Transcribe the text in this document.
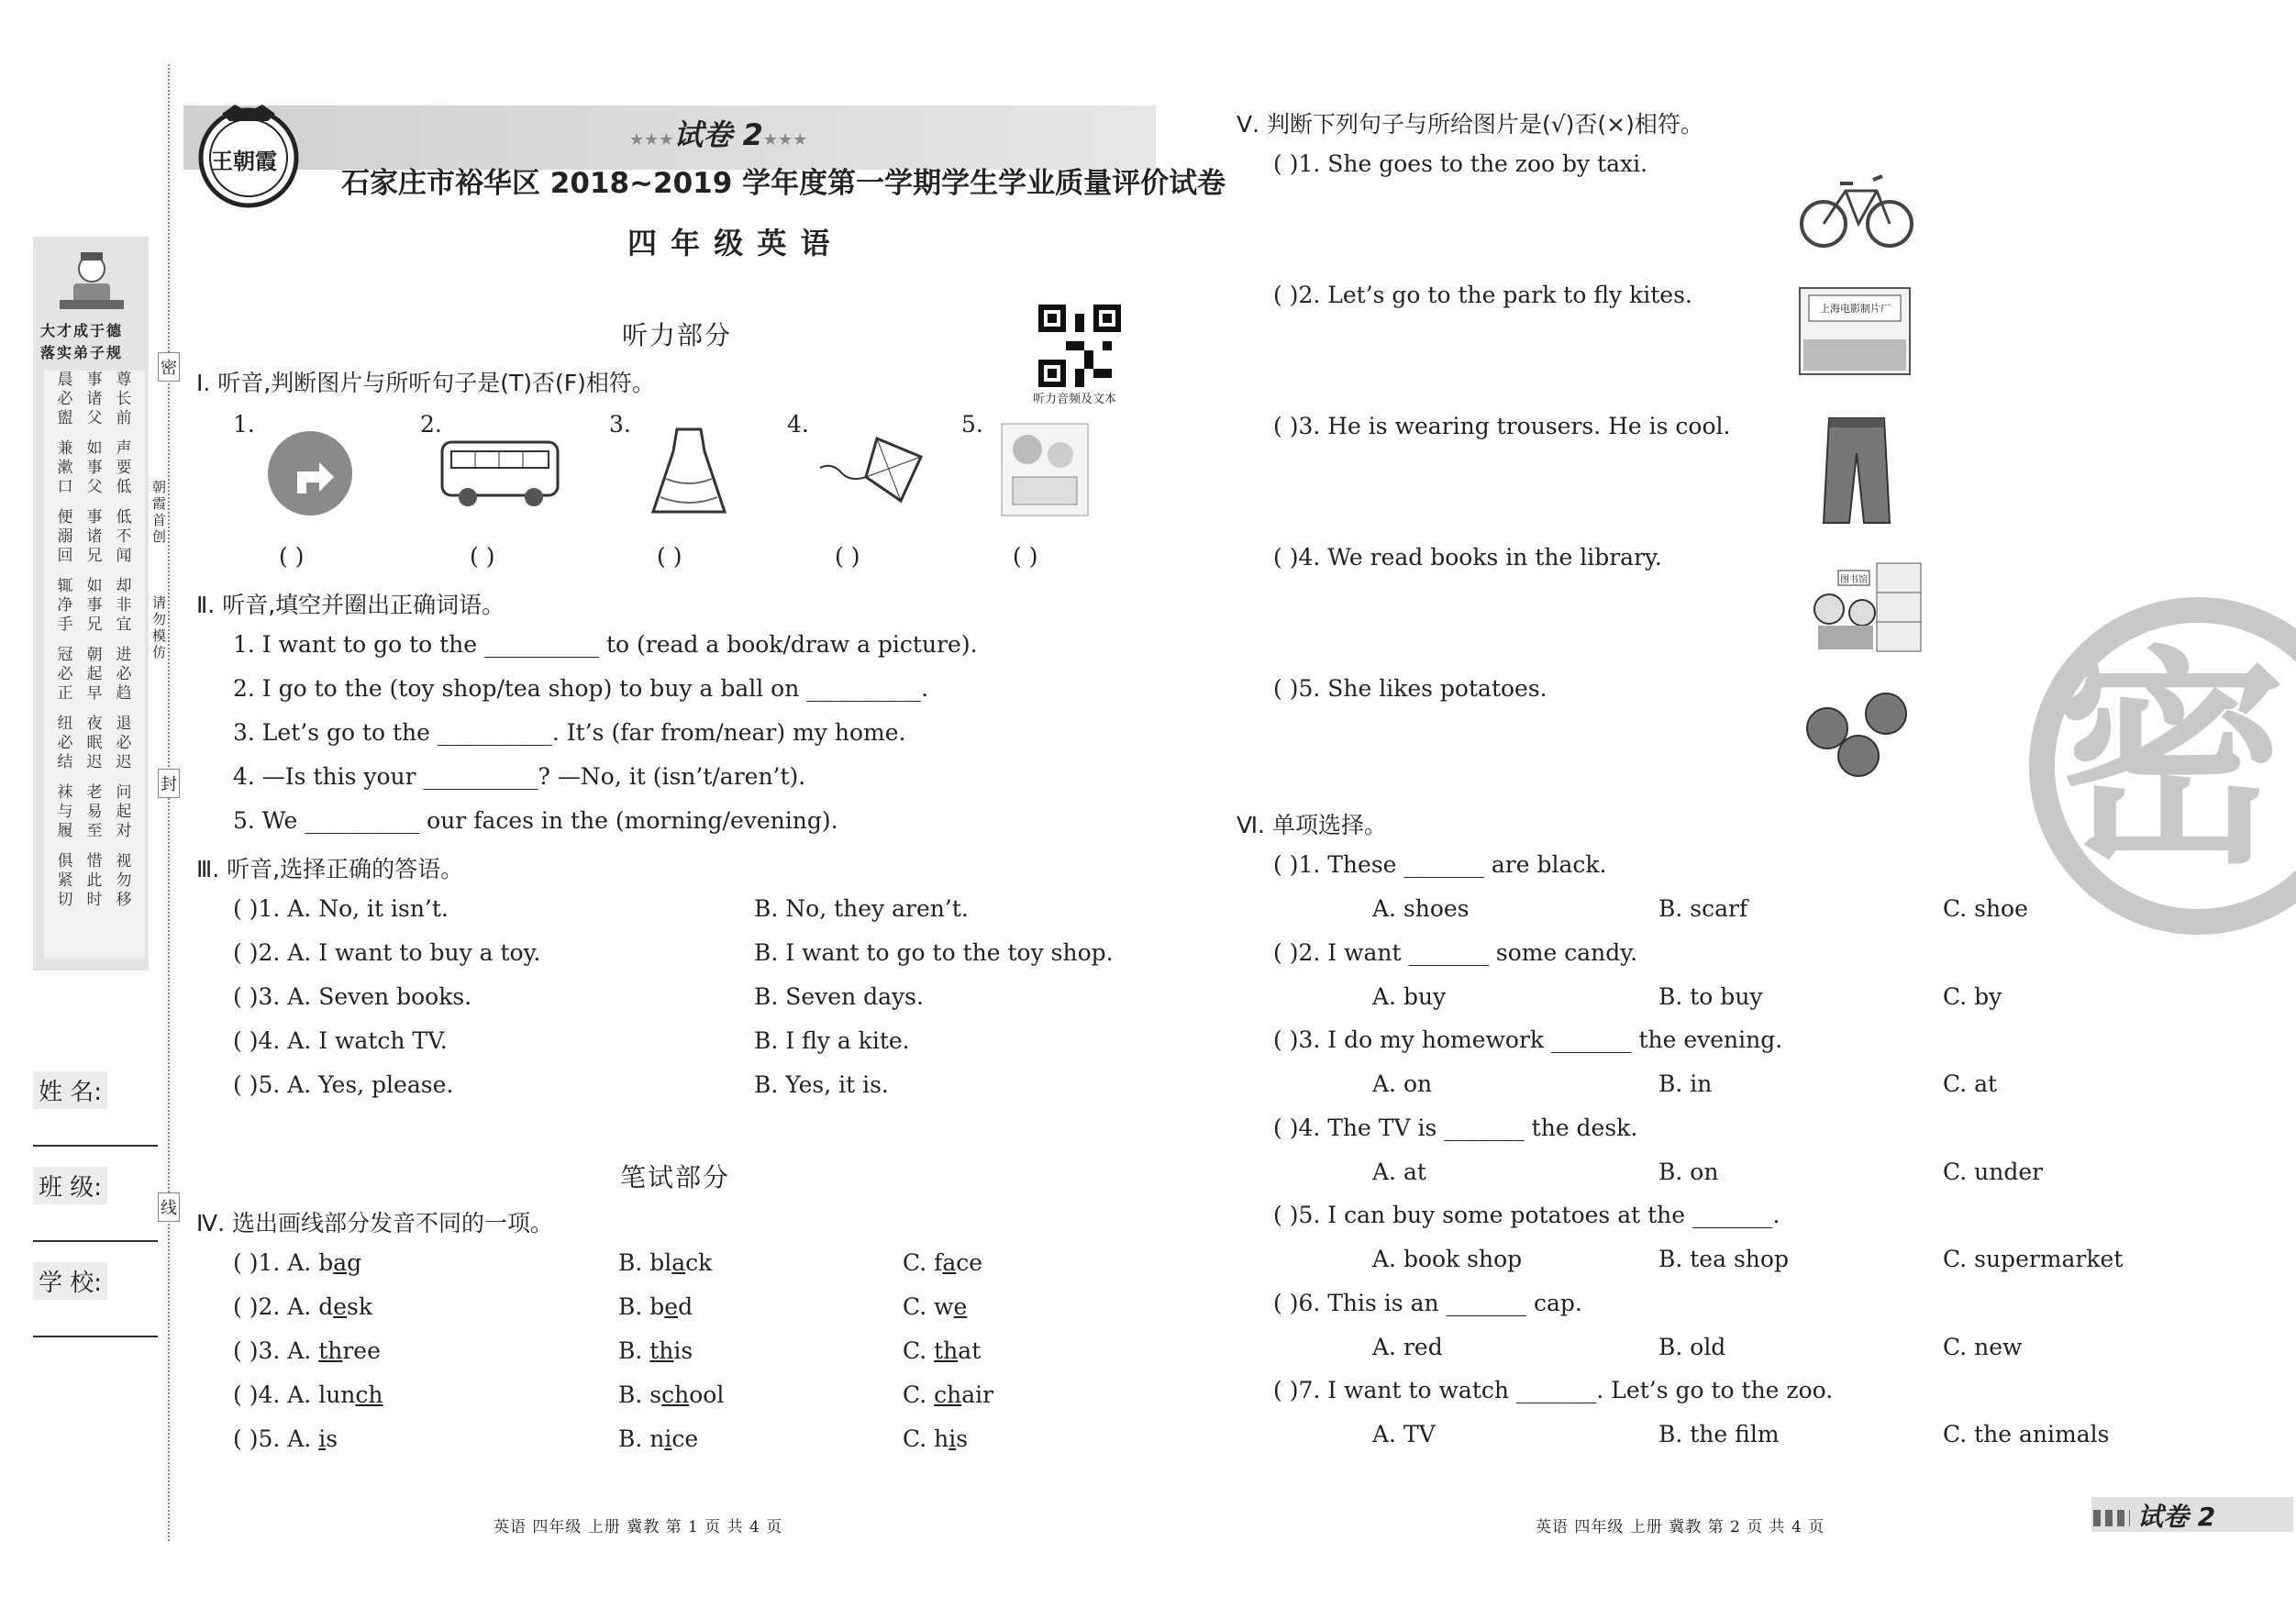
大才成于德
落实弟子规
晨
必
盥
兼
漱
口
便
溺
回
辄
净
手
冠
必
正
纽
必
结
袜
与
履
俱
紧
切
事
诸
父
如
事
父
事
诸
兄
如
事
兄
朝
起
早
夜
眠
迟
老
易
至
惜
此
时
尊
长
前
声
要
低
低
不
闻
却
非
宜
进
必
趋
退
必
迟
问
起
对
视
勿
移
密
封
线
朝霞首创
请勿模仿
姓 名:
班 级:
学 校:
王朝霞
★★★试卷 2★★★
石家庄市裕华区 2018~2019 学年度第一学期学生学业质量评价试卷
四 年 级 英 语
听力部分
听力音频及文本
Ⅰ. 听音,判断图片与所听句子是(T)否(F)相符。
1.	2.	3.	4.	5.
( )	( )	( )	( )	( )
Ⅱ. 听音,填空并圈出正确词语。
1. I want to go to the __________ to (read a book/draw a picture).
2. I go to the (toy shop/tea shop) to buy a ball on __________.
3. Let’s go to the __________. It’s (far from/near) my home.
4. —Is this your __________? —No, it (isn’t/aren’t).
5. We __________ our faces in the (morning/evening).
Ⅲ. 听音,选择正确的答语。
( )1. A. No, it isn’t.	B. No, they aren’t.
( )2. A. I want to buy a toy.	B. I want to go to the toy shop.
( )3. A. Seven books.	B. Seven days.
( )4. A. I watch TV.	B. I fly a kite.
( )5. A. Yes, please.	B. Yes, it is.
笔试部分
Ⅳ. 选出画线部分发音不同的一项。
( )1. A. bag	B. black	C. face
( )2. A. desk	B. bed	C. we
( )3. A. three	B. this	C. that
( )4. A. lunch	B. school	C. chair
( )5. A. is	B. nice	C. his
英语 四年级 上册 冀教 第 1 页 共 4 页
密
Ⅴ. 判断下列句子与所给图片是(√)否(×)相符。
( )1. She goes to the zoo by taxi.
( )2. Let’s go to the park to fly kites.
( )3. He is wearing trousers. He is cool.
( )4. We read books in the library.
( )5. She likes potatoes.
上海电影制片厂
图书馆
Ⅵ. 单项选择。
( )1. These _______ are black.
A. shoes	B. scarf	C. shoe
( )2. I want _______ some candy.
A. buy	B. to buy	C. by
( )3. I do my homework _______ the evening.
A. on	B. in	C. at
( )4. The TV is _______ the desk.
A. at	B. on	C. under
( )5. I can buy some potatoes at the _______.
A. book shop	B. tea shop	C. supermarket
( )6. This is an _______ cap.
A. red	B. old	C. new
( )7. I want to watch _______. Let’s go to the zoo.
A. TV	B. the film	C. the animals
英语 四年级 上册 冀教 第 2 页 共 4 页	试卷 2
